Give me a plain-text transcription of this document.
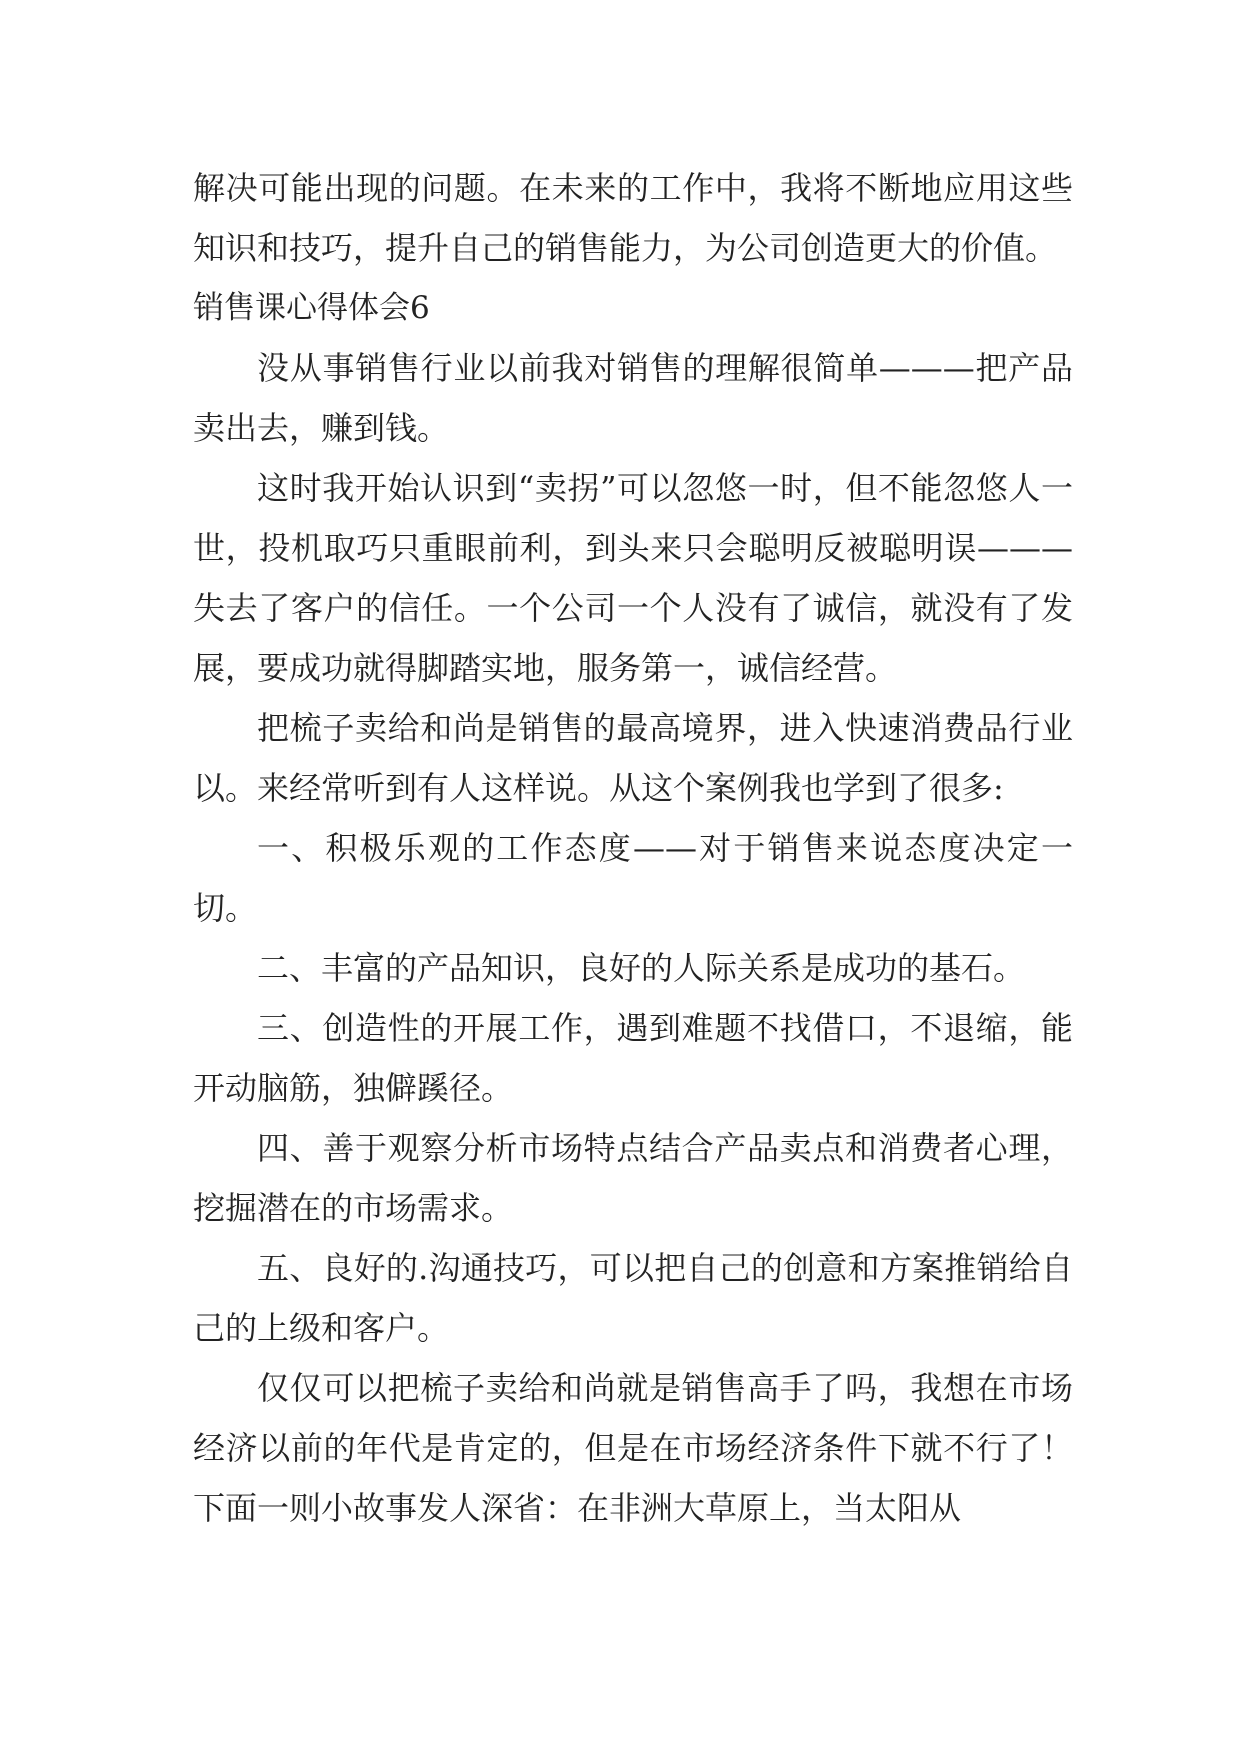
解决可能出现的问题。在未来的工作中，我将不断地应用这些知识和技巧，提升自己的销售能力，为公司创造更大的价值。

销售课心得体会6

没从事销售行业以前我对销售的理解很简单———把产品卖出去，赚到钱。

这时我开始认识到“卖拐”可以忽悠一时，但不能忽悠人一世，投机取巧只重眼前利，到头来只会聪明反被聪明误———失去了客户的信任。一个公司一个人没有了诚信，就没有了发展，要成功就得脚踏实地，服务第一，诚信经营。

把梳子卖给和尚是销售的最高境界，进入快速消费品行业以。来经常听到有人这样说。从这个案例我也学到了很多:

一、积极乐观的工作态度——对于销售来说态度决定一切。

二、丰富的产品知识，良好的人际关系是成功的基石。

三、创造性的开展工作，遇到难题不找借口，不退缩，能开动脑筋，独僻蹊径。

四、善于观察分析市场特点结合产品卖点和消费者心理，挖掘潜在的市场需求。

五、良好的.沟通技巧，可以把自己的创意和方案推销给自己的上级和客户。

仅仅可以把梳子卖给和尚就是销售高手了吗，我想在市场经济以前的年代是肯定的，但是在市场经济条件下就不行了！下面一则小故事发人深省：在非洲大草原上，当太阳从
